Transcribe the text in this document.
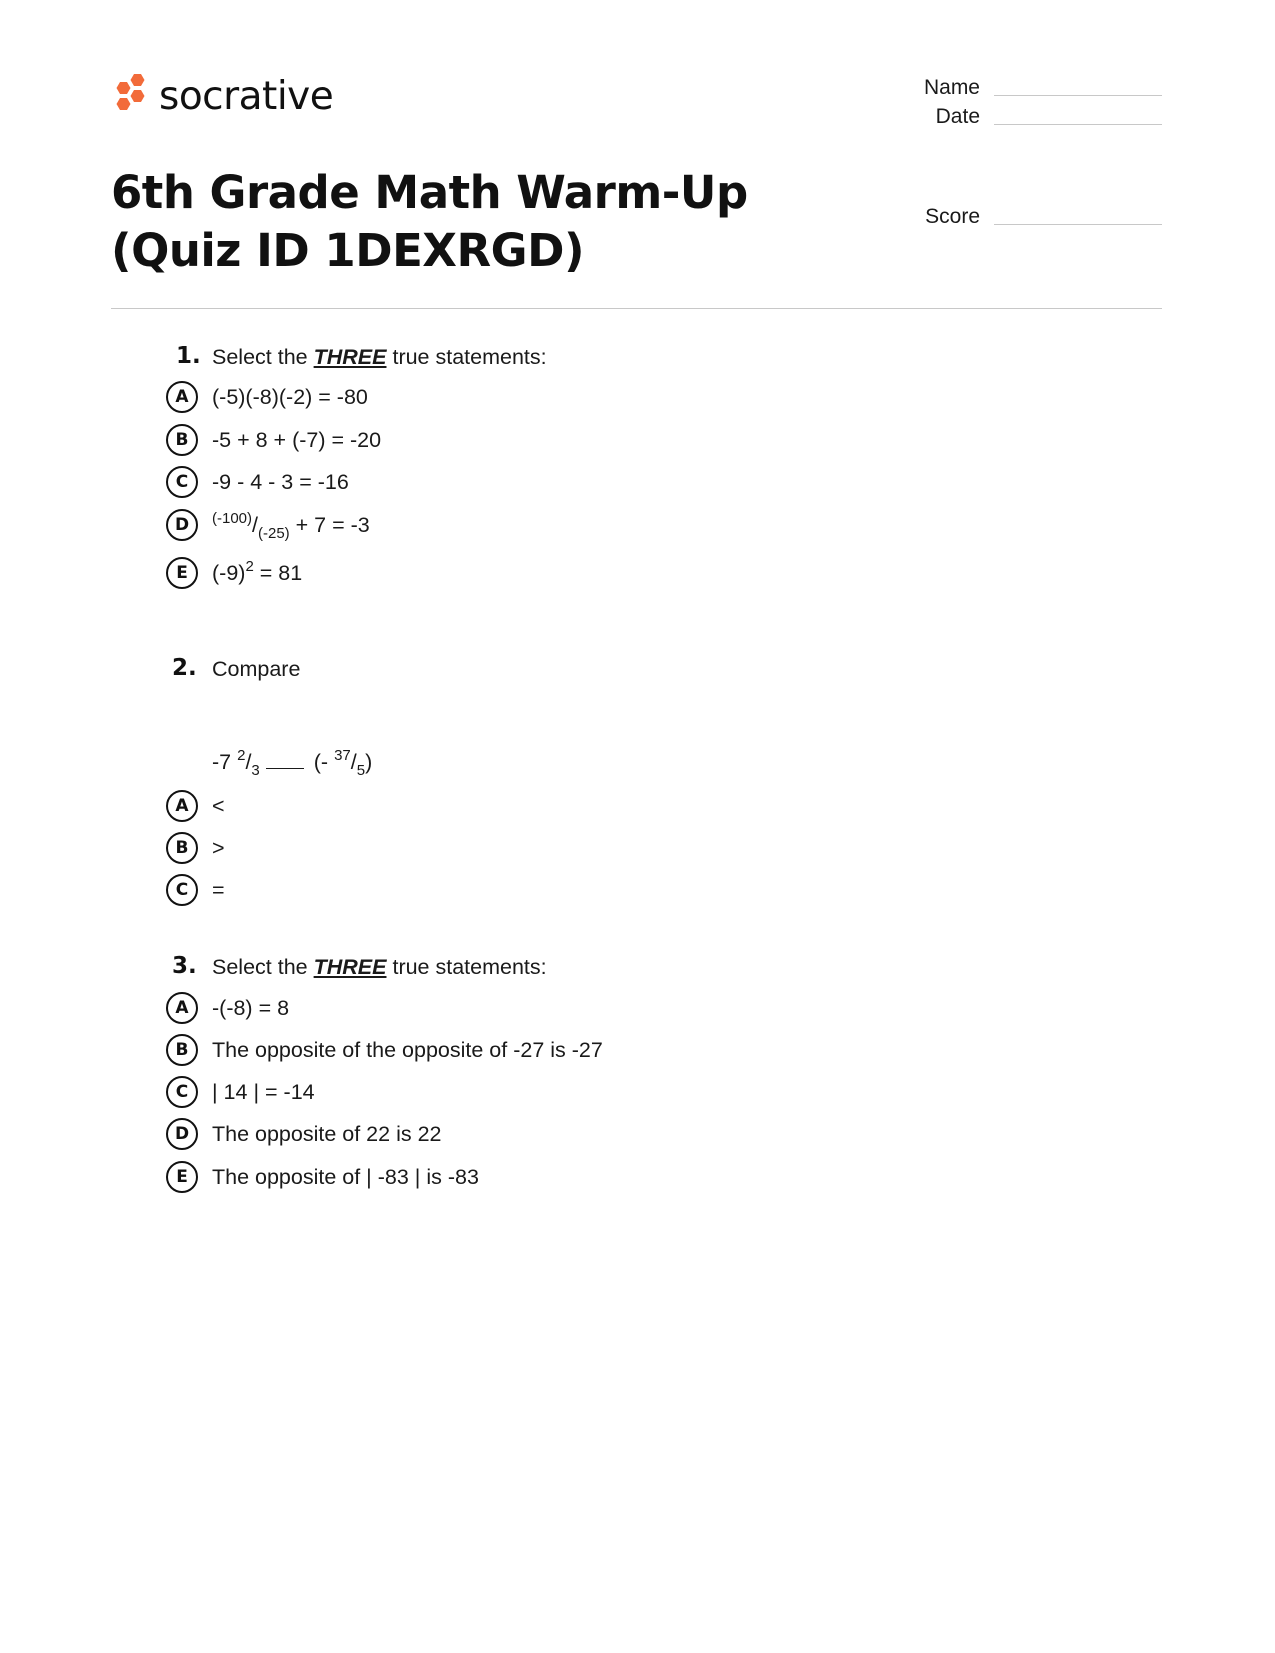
socrative	Name
Date
Score
6th Grade Math Warm-Up (Quiz ID 1DEXRGD)
1. Select the THREE true statements:
A	(-5)(-8)(-2) = -80
B	-5 + 8 + (-7) = -20
C	-9 - 4 - 3 = -16
D	$^{(-100)}/_{(-25)} + 7 = -3$
E	$(-9)^2 = 81$
2. Compare
-7 $^2/_3$	(- $^{37}/_5$)
A	<
B	>
C	=
3. Select the THREE true statements:
A	-(-8) = 8
B	The opposite of the opposite of -27 is -27
C	| 14 | = -14
D	The opposite of 22 is 22
E	The opposite of | -83 | is -83
